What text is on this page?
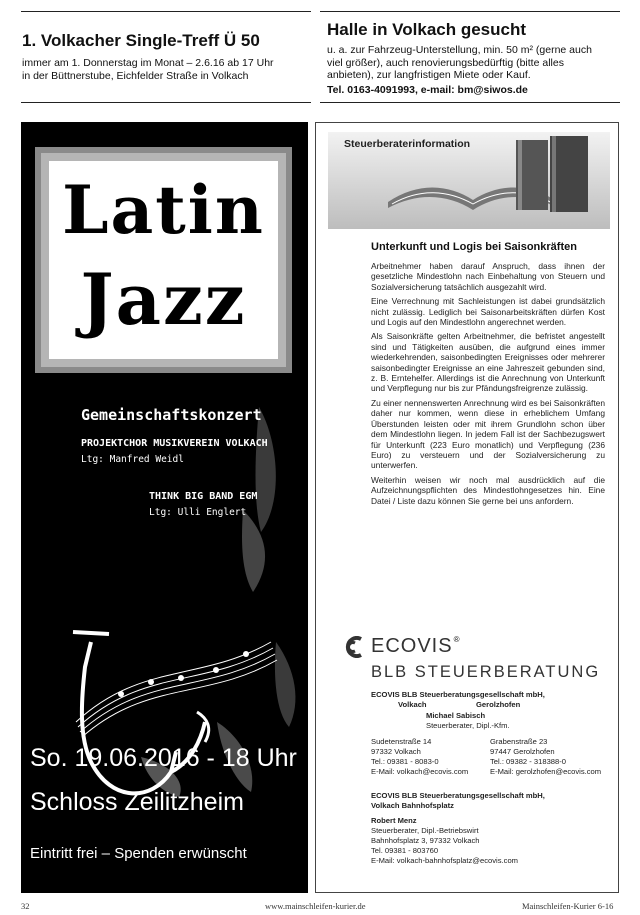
1. Volkacher Single-Treff Ü 50

immer am 1. Donnerstag im Monat – 2.6.16 ab 17 Uhr
in der Büttnerstube, Eichfelder Straße in Volkach

Halle in Volkach gesucht

u. a. zur Fahrzeug-Unterstellung, min. 50 m² (gerne auch
viel größer), auch renovierungsbedürftig (bitte alles
anbieten), zur langfristigen Miete oder Kauf.

Tel. 0163-4091993, e-mail: bm@siwos.de

Latin
Jazz
Gemeinschaftskonzert
PROJEKTCHOR MUSIKVEREIN VOLKACH
Ltg: Manfred Weidl
THINK BIG BAND EGM
Ltg: Ulli Englert
So. 19.06.2016 - 18 Uhr
Schloss Zeilitzheim
Eintritt frei – Spenden erwünscht
Steuerberaterinformation
Unterkunft und Logis bei Saisonkräften

Arbeitnehmer haben darauf Anspruch, dass ihnen der gesetzliche Mindestlohn nach Einbehaltung von Steuern und Sozialversicherung tatsächlich ausgezahlt wird.

Eine Verrechnung mit Sachleistungen ist dabei grundsätzlich nicht zulässig. Lediglich bei Saisonarbeitskräften dürfen Kost und Logis auf den Mindestlohn angerechnet werden.

Als Saisonkräfte gelten Arbeitnehmer, die befristet angestellt sind und Tätigkeiten ausüben, die aufgrund eines immer wiederkehrenden, saisonbedingten Ereignisses oder mehrerer saisonbedingter Ereignisse an eine Jahreszeit gebunden sind, z. B. Erntehelfer. Allerdings ist die Anrechnung von Unterkunft und Verpflegung nur bis zur Pfändungsfreigrenze zulässig.

Zu einer nennenswerten Anrechnung wird es bei Saisonkräften daher nur kommen, wenn diese in erheblichem Umfang Überstunden leisten oder mit ihrem Grundlohn schon über dem Mindestlohn liegen. In jedem Fall ist der Sachbezugswert für Unterkunft (223 Euro monatlich) und Verpflegung (236 Euro) zu versteuern und der Sozialversicherung zu unterwerfen.

Weiterhin weisen wir noch mal ausdrücklich auf die Aufzeichnungspflichten des Mindestlohngesetzes hin. Eine Datei / Liste dazu können Sie gerne bei uns anfordern.

ECOVIS ®
BLB STEUERBERATUNG
ECOVIS BLB Steuerberatungsgesellschaft mbH,
Volkach	Gerolzhofen
Michael Sabisch
Steuerberater, Dipl.-Kfm.
Sudetenstraße 14
97332 Volkach
Tel.: 09381 - 8083-0
E-Mail: volkach@ecovis.com
Grabenstraße 23
97447 Gerolzhofen
Tel.: 09382 - 318388-0
E-Mail: gerolzhofen@ecovis.com
ECOVIS BLB Steuerberatungsgesellschaft mbH,
Volkach Bahnhofsplatz
Robert Menz
Steuerberater, Dipl.-Betriebswirt
Bahnhofsplatz 3, 97332 Volkach
Tel. 09381 - 803760
E-Mail: volkach-bahnhofsplatz@ecovis.com
32	www.mainschleifen-kurier.de	Mainschleifen-Kurier 6-16
